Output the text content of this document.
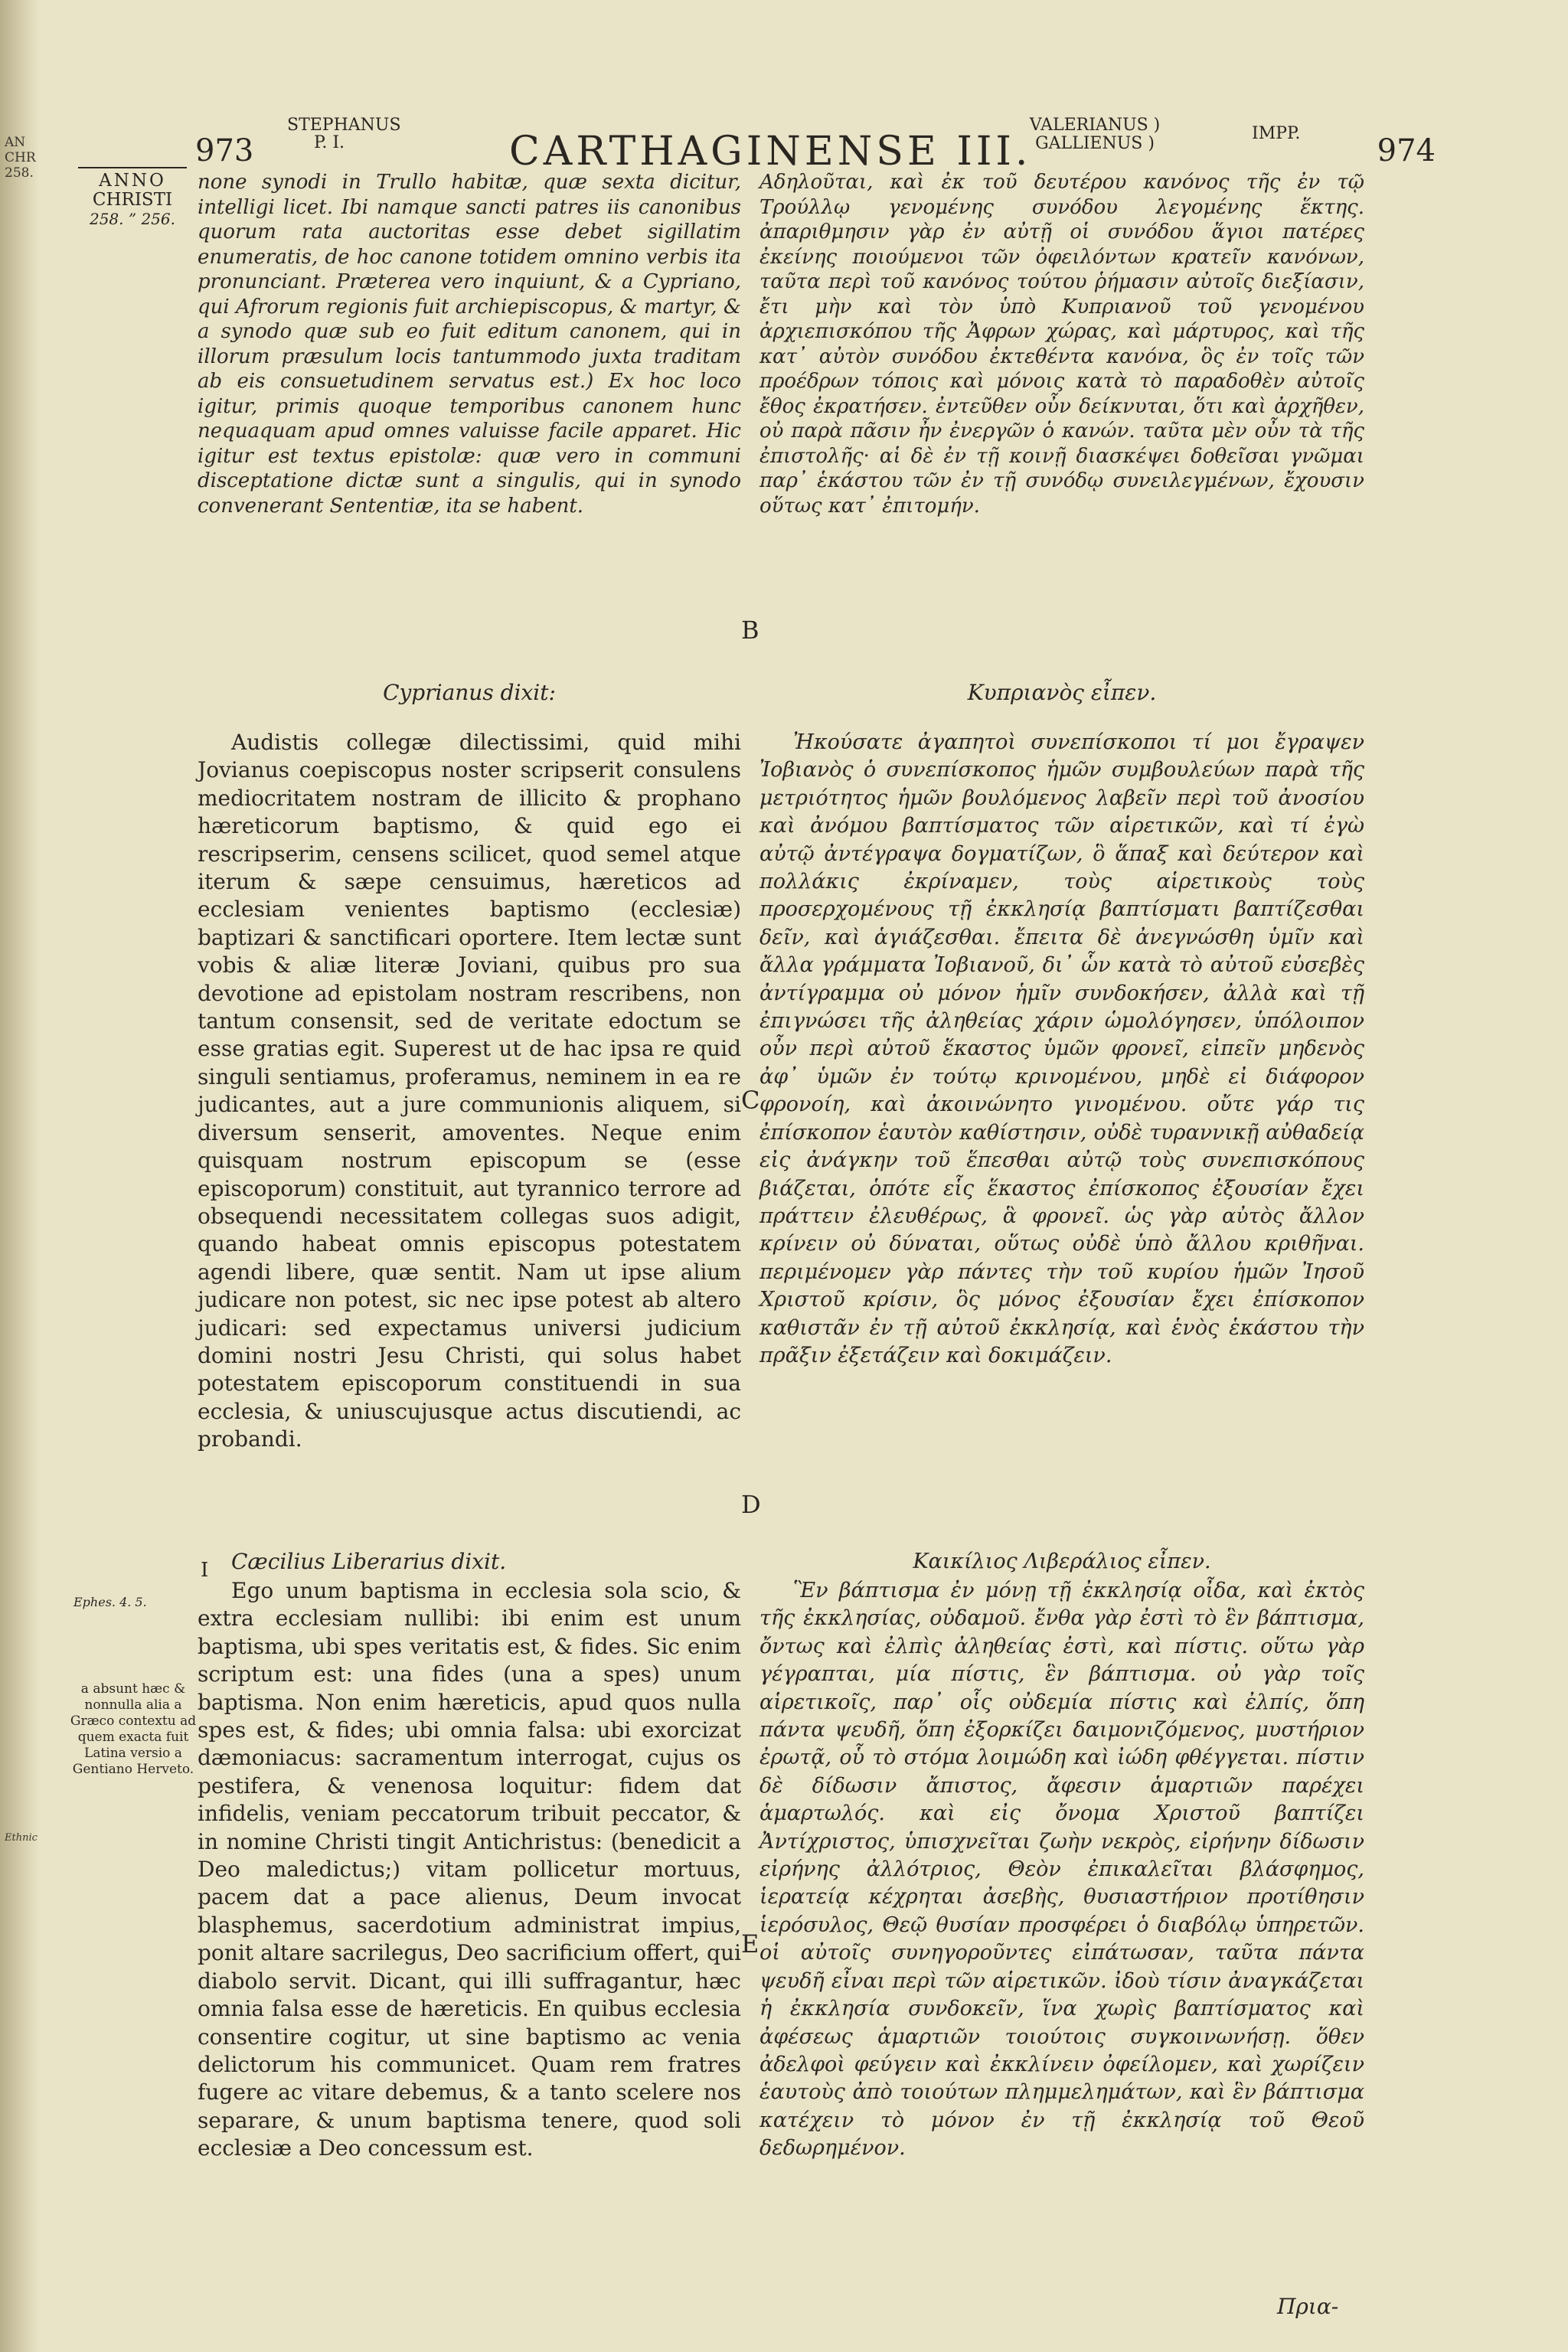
AN
CHR
258.
Ethnic
973
STEPHANUS
P. I.	CARTHAGINENSE III.
VALERIANUS )
GALLIENUS )
IMPP.	974
ANNO
CHRISTI
258. ” 256.
none synodi in Trullo habitæ, quæ sexta dicitur, intelligi licet. Ibi namque sancti patres iis canonibus quorum rata auctoritas esse debet sigillatim enumeratis, de hoc canone totidem omnino verbis ita pronunciant. Præterea vero inquiunt, & a Cypriano, qui Afrorum regionis fuit archiepiscopus, & martyr, & a synodo quæ sub eo fuit editum canonem, qui in illorum præsulum locis tantummodo juxta traditam ab eis consuetudinem servatus est.) Ex hoc loco igitur, primis quoque temporibus canonem hunc nequaquam apud omnes valuisse facile apparet. Hic igitur est textus epistolæ: quæ vero in communi disceptatione dictæ sunt a singulis, qui in synodo convenerant Sententiæ, ita se habent.
Cyprianus dixit:

Audistis collegæ dilectissimi, quid mihi Jovianus coepiscopus noster scripserit consulens mediocritatem nostram de illicito & prophano hæreticorum baptismo, & quid ego ei rescripserim, censens scilicet, quod semel atque iterum & sæpe censuimus, hæreticos ad ecclesiam venientes baptismo (ecclesiæ) baptizari & sanctificari oportere. Item lectæ sunt vobis & aliæ literæ Joviani, quibus pro sua devotione ad epistolam nostram rescribens, non tantum consensit, sed de veritate edoctum se esse gratias egit. Superest ut de hac ipsa re quid singuli sentiamus, proferamus, neminem in ea re judicantes, aut a jure communionis aliquem, si diversum senserit, amoventes. Neque enim quisquam nostrum episcopum se (esse episcoporum) constituit, aut tyrannico terrore ad obsequendi necessitatem collegas suos adigit, quando habeat omnis episcopus potestatem agendi libere, quæ sentit. Nam ut ipse alium judicare non potest, sic nec ipse potest ab altero judicari: sed expectamus universi judicium domini nostri Jesu Christi, qui solus habet potestatem episcoporum constituendi in sua ecclesia, & uniuscujusque actus discutiendi, ac probandi.

I	Cæcilius Liberarius dixit.

Ego unum baptisma in ecclesia sola scio, & extra ecclesiam nullibi: ibi enim est unum baptisma, ubi spes veritatis est, & fides. Sic enim scriptum est: una fides (una a spes) unum baptisma. Non enim hæreticis, apud quos nulla spes est, & fides; ubi omnia falsa: ubi exorcizat dæmoniacus: sacramentum interrogat, cujus os pestifera, & venenosa loquitur: fidem dat infidelis, veniam peccatorum tribuit peccator, & in nomine Christi tingit Antichristus: (benedicit a Deo maledictus;) vitam pollicetur mortuus, pacem dat a pace alienus, Deum invocat blasphemus, sacerdotium administrat impius, ponit altare sacrilegus, Deo sacrificium offert, qui diabolo servit. Dicant, qui illi suffragantur, hæc omnia falsa esse de hæreticis. En quibus ecclesia consentire cogitur, ut sine baptismo ac venia delictorum his communicet. Quam rem fratres fugere ac vitare debemus, & a tanto scelere nos separare, & unum baptisma tenere, quod soli ecclesiæ a Deo concessum est.

Αδηλοῦται, καὶ ἐκ τοῦ δευτέρου κανόνος τῆς ἐν τῷ Τρούλλῳ γενομένης συνόδου λεγομένης ἕκτης. ἀπαριθμησιν γὰρ ἐν αὐτῇ οἱ συνόδου ἅγιοι πατέρες ἐκείνης ποιούμενοι τῶν ὀφειλόντων κρατεῖν κανόνων, ταῦτα περὶ τοῦ κανόνος τούτου ῥήμασιν αὐτοῖς διεξίασιν, ἔτι μὴν καὶ τὸν ὑπὸ Κυπριανοῦ τοῦ γενομένου ἀρχιεπισκόπου τῆς Ἀφρων χώρας, καὶ μάρτυρος, καὶ τῆς κατ᾽ αὐτὸν συνόδου ἐκτεθέντα κανόνα, ὃς ἐν τοῖς τῶν προέδρων τόποις καὶ μόνοις κατὰ τὸ παραδοθὲν αὐτοῖς ἔθος ἐκρατήσεν. ἐντεῦθεν οὖν δείκνυται, ὅτι καὶ ἀρχῆθεν, οὐ παρὰ πᾶσιν ἦν ἐνεργῶν ὁ κανών. ταῦτα μὲν οὖν τὰ τῆς ἐπιστολῆς· αἱ δὲ ἐν τῇ κοινῇ διασκέψει δοθεῖσαι γνῶμαι παρ᾽ ἑκάστου τῶν ἐν τῇ συνόδῳ συνειλεγμένων, ἔχουσιν οὕτως κατ᾽ ἐπιτομήν.
Κυπριανὸς εἶπεν.

Ἠκούσατε ἀγαπητοὶ συνεπίσκοποι τί μοι ἔγραψεν Ἰοβιανὸς ὁ συνεπίσκοπος ἡμῶν συμβουλεύων παρὰ τῆς μετριότητος ἡμῶν βουλόμενος λαβεῖν περὶ τοῦ ἀνοσίου καὶ ἀνόμου βαπτίσματος τῶν αἱρετικῶν, καὶ τί ἐγὼ αὐτῷ ἀντέγραψα δογματίζων, ὃ ἅπαξ καὶ δεύτερον καὶ πολλάκις ἐκρίναμεν, τοὺς αἱρετικοὺς τοὺς προσερχομένους τῇ ἐκκλησίᾳ βαπτίσματι βαπτίζεσθαι δεῖν, καὶ ἁγιάζεσθαι. ἔπειτα δὲ ἀνεγνώσθη ὑμῖν καὶ ἄλλα γράμματα Ἰοβιανοῦ, δι᾽ ὧν κατὰ τὸ αὐτοῦ εὐσεβὲς ἀντίγραμμα οὐ μόνον ἡμῖν συνδοκήσεν, ἀλλὰ καὶ τῇ ἐπιγνώσει τῆς ἀληθείας χάριν ὡμολόγησεν, ὑπόλοιπον οὖν περὶ αὐτοῦ ἕκαστος ὑμῶν φρονεῖ, εἰπεῖν μηδενὸς ἀφ᾽ ὑμῶν ἐν τούτῳ κρινομένου, μηδὲ εἰ διάφορον φρονοίη, καὶ ἀκοινώνητο γινομένου. οὔτε γάρ τις ἐπίσκοπον ἑαυτὸν καθίστησιν, οὐδὲ τυραννικῇ αὐθαδείᾳ εἰς ἀνάγκην τοῦ ἕπεσθαι αὐτῷ τοὺς συνεπισκόπους βιάζεται, ὁπότε εἷς ἕκαστος ἐπίσκοπος ἐξουσίαν ἔχει πράττειν ἐλευθέρως, ἃ φρονεῖ. ὡς γὰρ αὐτὸς ἄλλον κρίνειν οὐ δύναται, οὕτως οὐδὲ ὑπὸ ἄλλου κριθῆναι. περιμένομεν γὰρ πάντες τὴν τοῦ κυρίου ἡμῶν Ἰησοῦ Χριστοῦ κρίσιν, ὃς μόνος ἐξουσίαν ἔχει ἐπίσκοπον καθιστᾶν ἐν τῇ αὐτοῦ ἐκκλησίᾳ, καὶ ἑνὸς ἑκάστου τὴν πρᾶξιν ἐξετάζειν καὶ δοκιμάζειν.

Καικίλιος Λιβεράλιος εἶπεν.

Ἓν βάπτισμα ἐν μόνῃ τῇ ἐκκλησίᾳ οἶδα, καὶ ἐκτὸς τῆς ἐκκλησίας, οὐδαμοῦ. ἔνθα γὰρ ἐστὶ τὸ ἓν βάπτισμα, ὄντως καὶ ἐλπὶς ἀληθείας ἐστὶ, καὶ πίστις. οὕτω γὰρ γέγραπται, μία πίστις, ἓν βάπτισμα. οὐ γὰρ τοῖς αἱρετικοῖς, παρ᾽ οἷς οὐδεμία πίστις καὶ ἐλπίς, ὅπη πάντα ψευδῆ, ὅπη ἐξορκίζει δαιμονιζόμενος, μυστήριον ἐρωτᾷ, οὗ τὸ στόμα λοιμώδη καὶ ἰώδη φθέγγεται. πίστιν δὲ δίδωσιν ἄπιστος, ἄφεσιν ἁμαρτιῶν παρέχει ἁμαρτωλός. καὶ εἰς ὄνομα Χριστοῦ βαπτίζει Ἀντίχριστος, ὑπισχνεῖται ζωὴν νεκρὸς, εἰρήνην δίδωσιν εἰρήνης ἀλλότριος, Θεὸν ἐπικαλεῖται βλάσφημος, ἱερατείᾳ κέχρηται ἀσεβὴς, θυσιαστήριον προτίθησιν ἱερόσυλος, Θεῷ θυσίαν προσφέρει ὁ διαβόλῳ ὑπηρετῶν. οἱ αὐτοῖς συνηγοροῦντες εἰπάτωσαν, ταῦτα πάντα ψευδῆ εἶναι περὶ τῶν αἱρετικῶν. ἰδοὺ τίσιν ἀναγκάζεται ἡ ἐκκλησία συνδοκεῖν, ἵνα χωρὶς βαπτίσματος καὶ ἀφέσεως ἁμαρτιῶν τοιούτοις συγκοινωνήσῃ. ὅθεν ἀδελφοὶ φεύγειν καὶ ἐκκλίνειν ὀφείλομεν, καὶ χωρίζειν ἑαυτοὺς ἀπὸ τοιούτων πλημμελημάτων, καὶ ἓν βάπτισμα κατέχειν τὸ μόνον ἐν τῇ ἐκκλησίᾳ τοῦ Θεοῦ δεδωρημένον.

B
C
D
E
Ephes. 4. 5.
a absunt hæc & nonnulla alia a Græco contextu ad quem exacta fuit Latina versio a Gentiano Herveto.
Πρια-
